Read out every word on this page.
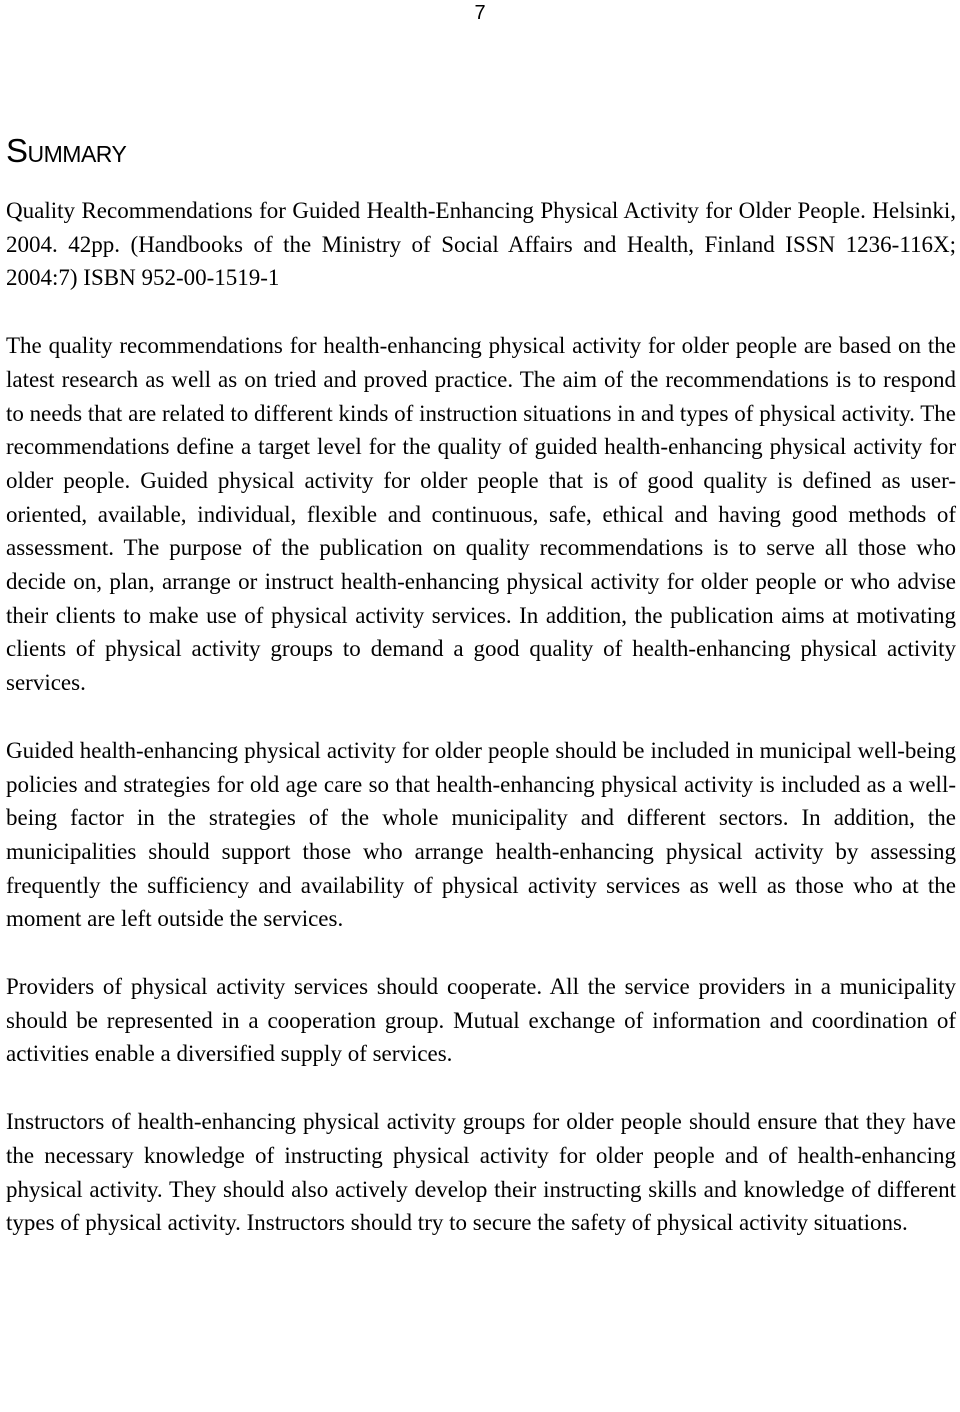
7
Summary

Quality Recommendations for Guided Health-Enhancing Physical Activity for Older People. Helsinki, 2004. 42pp. (Handbooks of the Ministry of Social Affairs and Health, Finland ISSN 1236-116X; 2004:7) ISBN 952-00-1519-1

The quality recommendations for health-enhancing physical activity for older people are based on the latest research as well as on tried and proved practice. The aim of the recommendations is to respond to needs that are related to different kinds of instruction situations in and types of physical activity. The recommendations define a target level for the quality of guided health-enhancing physical activity for older people. Guided physical activity for older people that is of good quality is defined as user-oriented, available, individual, flexible and continuous, safe, ethical and having good methods of assessment. The purpose of the publication on quality recommendations is to serve all those who decide on, plan, arrange or instruct health-enhancing physical activity for older people or who advise their clients to make use of physical activity services. In addition, the publication aims at motivating clients of physical activity groups to demand a good quality of health-enhancing physical activity services.

Guided health-enhancing physical activity for older people should be included in municipal well-being policies and strategies for old age care so that health-enhancing physical activity is included as a well-being factor in the strategies of the whole municipality and different sectors. In addition, the municipalities should support those who arrange health-enhancing physical activity by assessing frequently the sufficiency and availability of physical activity services as well as those who at the moment are left outside the services.

Providers of physical activity services should cooperate. All the service providers in a municipality should be represented in a cooperation group. Mutual exchange of information and coordination of activities enable a diversified supply of services.

Instructors of health-enhancing physical activity groups for older people should ensure that they have the necessary knowledge of instructing physical activity for older people and of health-enhancing physical activity. They should also actively develop their instructing skills and knowledge of different types of physical activity. Instructors should try to secure the safety of physical activity situations.
